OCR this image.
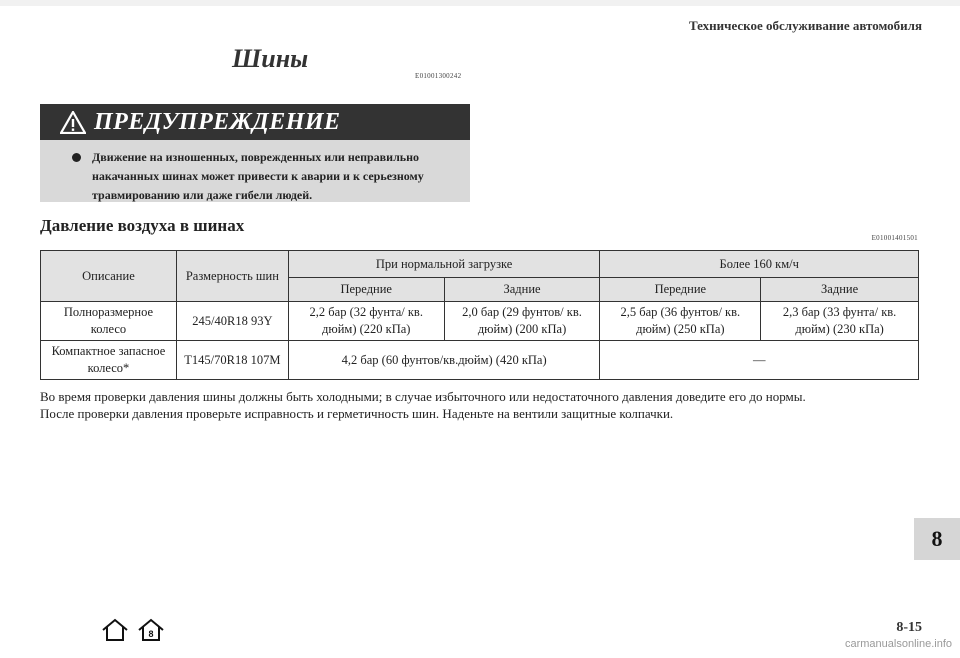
Техническое обслуживание автомобиля
Шины
E01001300242
ПРЕДУПРЕЖДЕНИЕ
Движение на изношенных, поврежденных или неправильно накачанных шинах может привести к аварии и к серьезному травмированию или даже гибели людей.
Давление воздуха в шинах
E01001401501
Описание	Размерность шин	При нормальной загрузке		Более 160 км/ч	
		Передние	Задние	Передние	Задние
Полноразмерное колесо	245/40R18 93Y	2,2 бар (32 фунта/ кв. дюйм) (220 кПа)	2,0 бар (29 фунтов/ кв. дюйм) (200 кПа)	2,5 бар (36 фунтов/ кв. дюйм) (250 кПа)	2,3 бар (33 фунта/ кв. дюйм) (230 кПа)
Компактное запасное колесо*	T145/70R18 107M	4,2 бар (60 фунтов/кв.дюйм) (420 кПа)		—	

Во время проверки давления шины должны быть холодными; в случае избыточного или недостаточного давления доведите его до нормы.

После проверки давления проверьте исправность и герметичность шин. Наденьте на вентили защитные колпачки.

8
8	8-15
carmanualsonline.info
